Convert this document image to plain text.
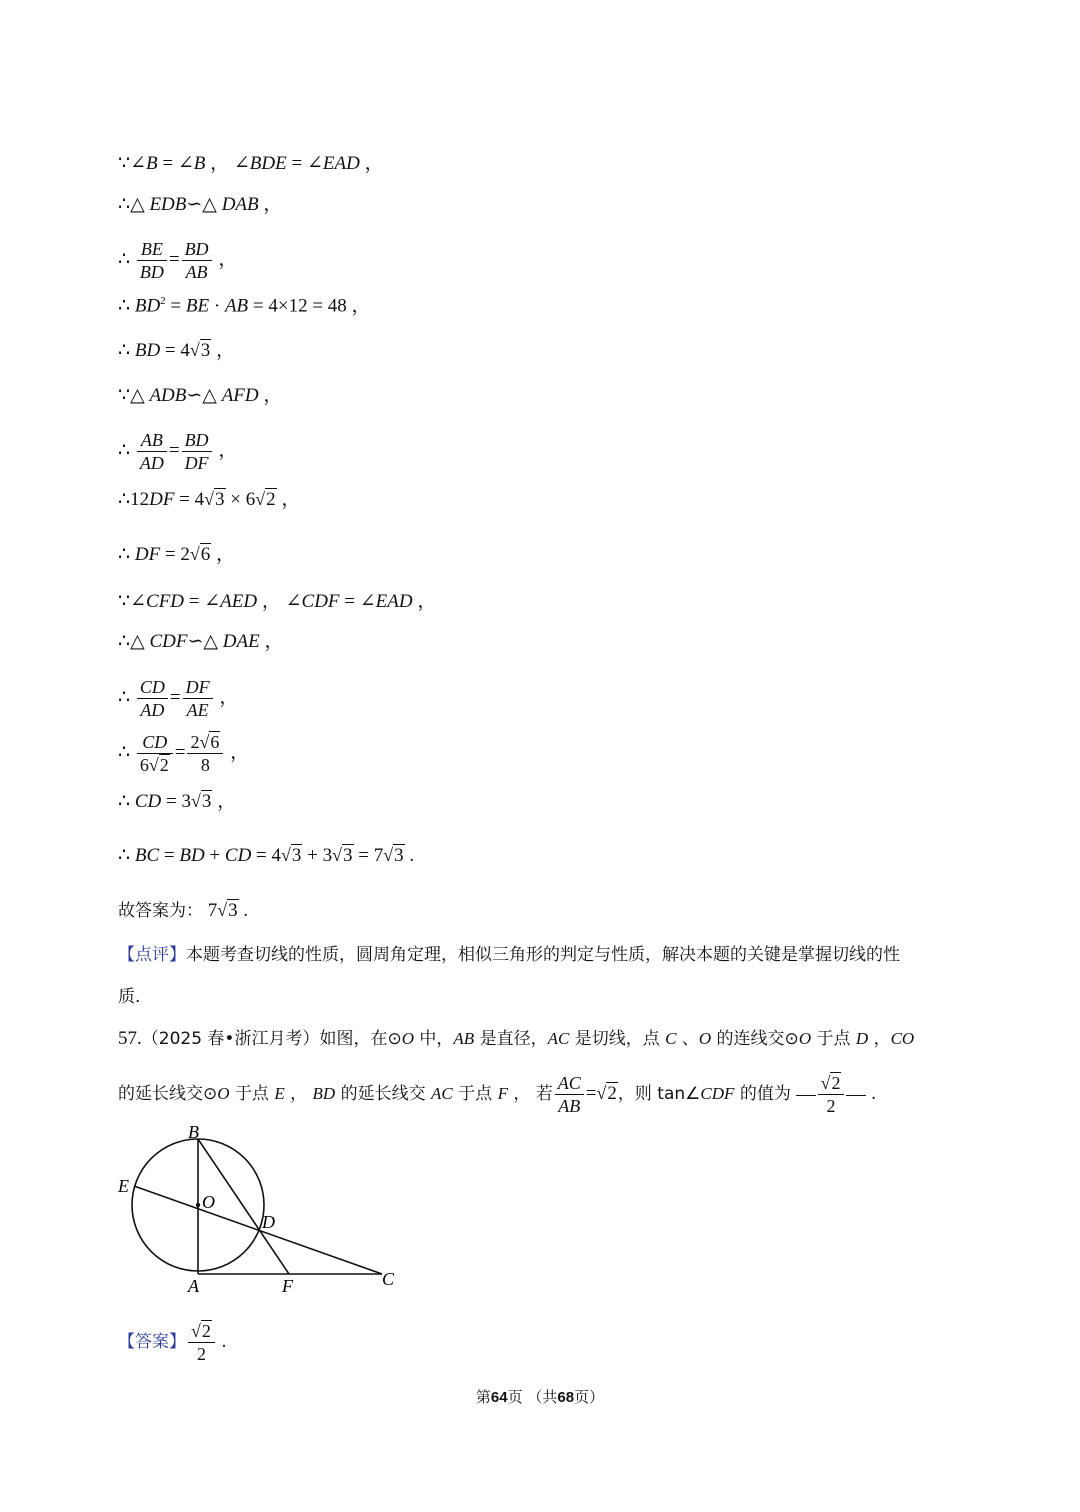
∵∠B = ∠B ， ∠BDE = ∠EAD ，
∴△ EDB∽△ DAB ，
∴ $\frac{BE}{BD} = \frac{BD}{AB}$ ，
∴ $BD^2$ = BE · AB = 4×12 = 48 ，
∴ BD = 4√3 ，
∵△ ADB∽△ AFD ，
∴ $\frac{AB}{AD} = \frac{BD}{DF}$ ，
∴12DF = 4√3 × 6√2 ，
∴ DF = 2√6 ，
∵∠CFD = ∠AED ， ∠CDF = ∠EAD ，
∴△ CDF∽△ DAE ，
∴ $\frac{CD}{AD} = \frac{DF}{AE}$ ，
∴ $\frac{CD}{6√2} = \frac{2√6}{8}$ ，
∴ CD = 3√3 ，
∴ BC = BD + CD = 4√3 + 3√3 = 7√3 .
故答案为： 7√3 .
【点评】本题考查切线的性质，圆周角定理，相似三角形的判定与性质，解决本题的关键是掌握切线的性
质.
57.（2025 春•浙江月考）如图，在⊙O 中，AB 是直径，AC 是切线，点 C 、O 的连线交⊙O 于点 D ，CO
的延长线交⊙O 于点 E ， BD 的延长线交 AC 于点 F ， 若 $\frac{AC}{AB} =√2$，则 tan∠CDF 的值为 $\frac{√2}{2}$ .
B
E
O
D
A	F	C
【答案】 $\frac{√2}{2}$ .
第64页 （共68页）
